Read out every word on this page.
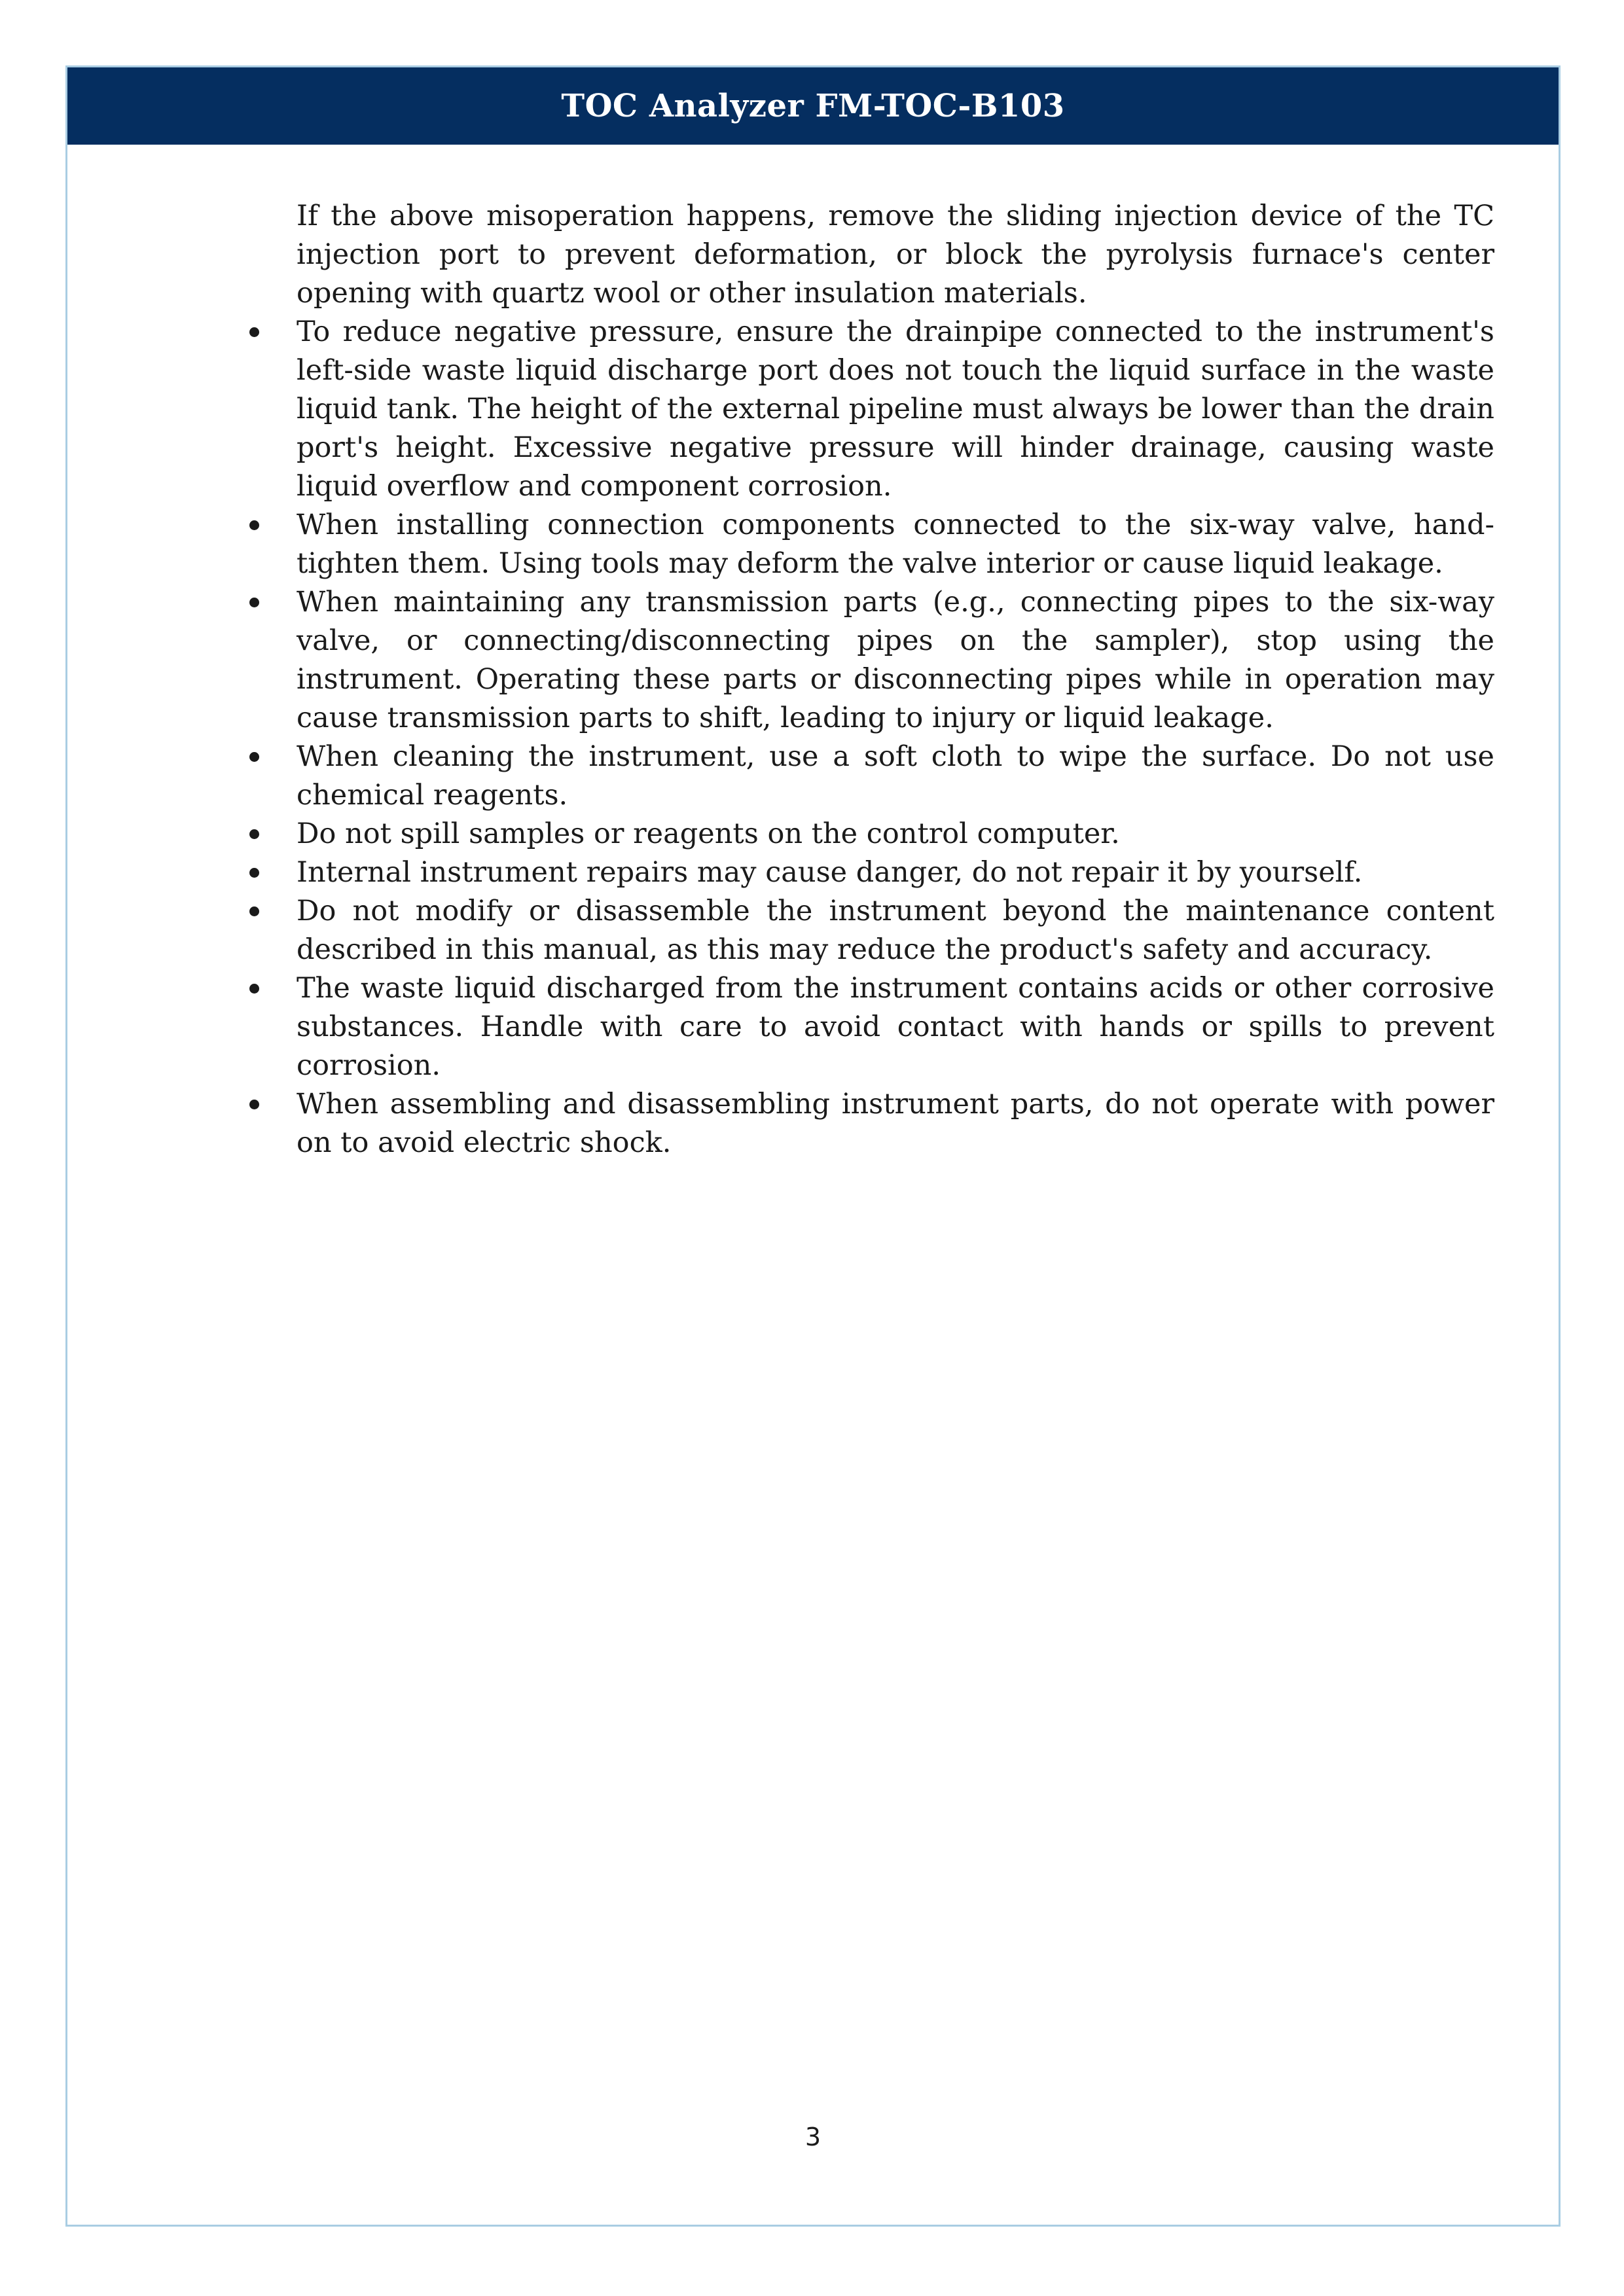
TOC Analyzer FM-TOC-B103

If the above misoperation happens, remove the sliding injection device of the TC injection port to prevent deformation, or block the pyrolysis furnace's center opening with quartz wool or other insulation materials.

To reduce negative pressure, ensure the drainpipe connected to the instrument's left-side waste liquid discharge port does not touch the liquid surface in the waste liquid tank. The height of the external pipeline must always be lower than the drain port's height. Excessive negative pressure will hinder drainage, causing waste liquid overflow and component corrosion.
When installing connection components connected to the six-way valve, hand-tighten them. Using tools may deform the valve interior or cause liquid leakage.
When maintaining any transmission parts (e.g., connecting pipes to the six-way valve, or connecting/disconnecting pipes on the sampler), stop using the instrument. Operating these parts or disconnecting pipes while in operation may cause transmission parts to shift, leading to injury or liquid leakage.
When cleaning the instrument, use a soft cloth to wipe the surface. Do not use chemical reagents.
Do not spill samples or reagents on the control computer.
Internal instrument repairs may cause danger, do not repair it by yourself.
Do not modify or disassemble the instrument beyond the maintenance content described in this manual, as this may reduce the product's safety and accuracy.
The waste liquid discharged from the instrument contains acids or other corrosive substances. Handle with care to avoid contact with hands or spills to prevent corrosion.
When assembling and disassembling instrument parts, do not operate with power on to avoid electric shock.
3
